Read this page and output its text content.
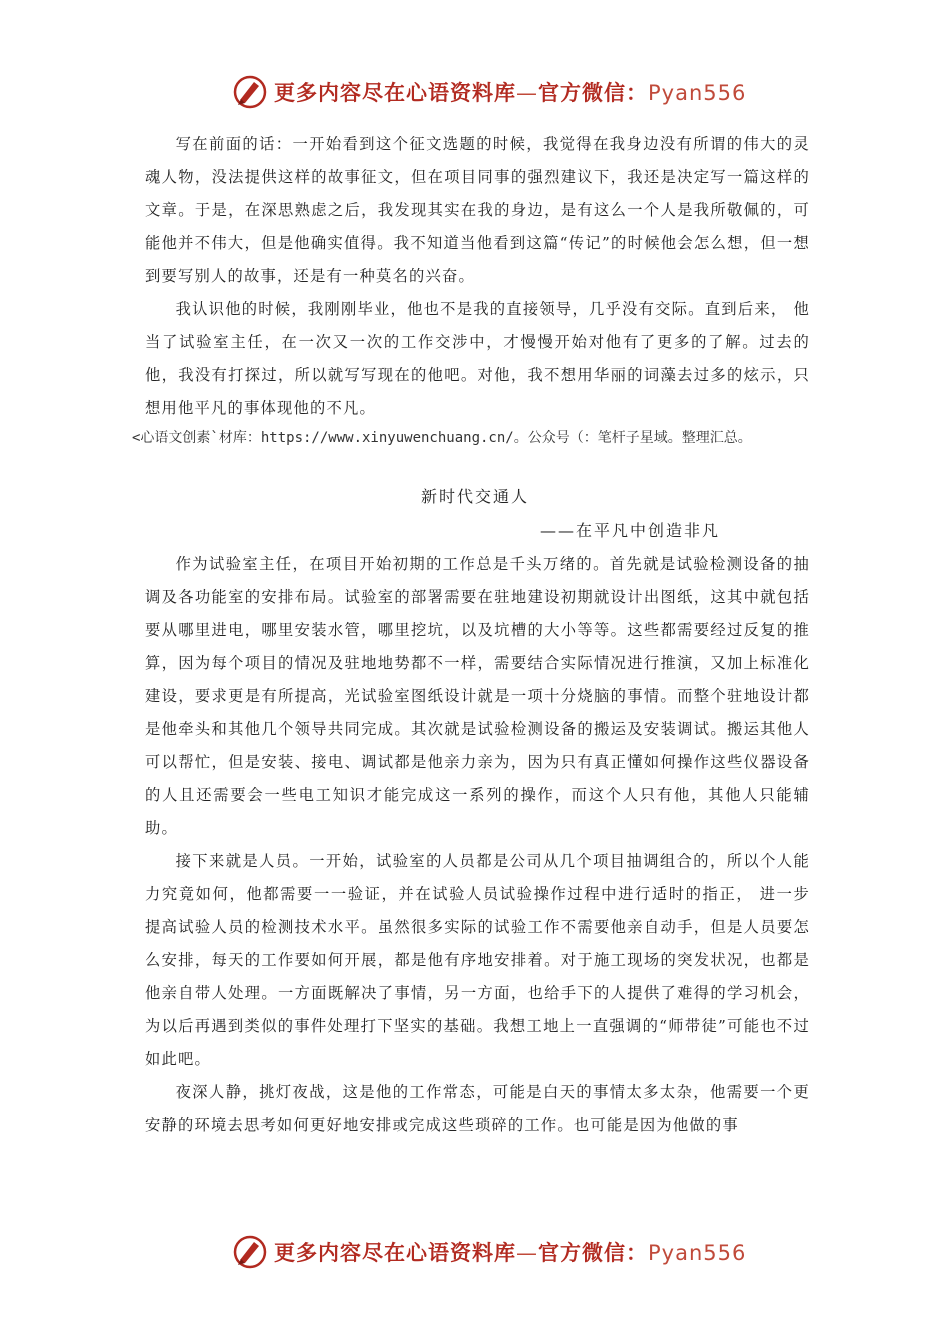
更多内容尽在心语资料库—官方微信：Pyan556

写在前面的话：一开始看到这个征文选题的时候，我觉得在我身边没有所谓的伟大的灵魂人物，没法提供这样的故事征文，但在项目同事的强烈建议下，我还是决定写一篇这样的文章。于是，在深思熟虑之后，我发现其实在我的身边，是有这么一个人是我所敬佩的，可能他并不伟大，但是他确实值得。我不知道当他看到这篇“传记”的时候他会怎么想，但一想到要写别人的故事，还是有一种莫名的兴奋。

我认识他的时候，我刚刚毕业，他也不是我的直接领导，几乎没有交际。直到后来， 他当了试验室主任，在一次又一次的工作交涉中，才慢慢开始对他有了更多的了解。过去的他，我没有打探过，所以就写写现在的他吧。对他，我不想用华丽的词藻去过多的炫示，只想用他平凡的事体现他的不凡。

<心语文创素`材库：https://www.xinyuwenchuang.cn/。公众号（：笔杆子星域。整理汇总。
新时代交通人
——在平凡中创造非凡

作为试验室主任，在项目开始初期的工作总是千头万绪的。首先就是试验检测设备的抽调及各功能室的安排布局。试验室的部署需要在驻地建设初期就设计出图纸，这其中就包括要从哪里进电，哪里安装水管，哪里挖坑，以及坑槽的大小等等。这些都需要经过反复的推算，因为每个项目的情况及驻地地势都不一样，需要结合实际情况进行推演，又加上标准化建设，要求更是有所提高，光试验室图纸设计就是一项十分烧脑的事情。而整个驻地设计都是他牵头和其他几个领导共同完成。其次就是试验检测设备的搬运及安装调试。搬运其他人可以帮忙，但是安装、接电、调试都是他亲力亲为，因为只有真正懂如何操作这些仪器设备的人且还需要会一些电工知识才能完成这一系列的操作，而这个人只有他，其他人只能辅助。

接下来就是人员。一开始，试验室的人员都是公司从几个项目抽调组合的，所以个人能力究竟如何，他都需要一一验证，并在试验人员试验操作过程中进行适时的指正， 进一步提高试验人员的检测技术水平。虽然很多实际的试验工作不需要他亲自动手，但是人员要怎么安排，每天的工作要如何开展，都是他有序地安排着。对于施工现场的突发状况，也都是他亲自带人处理。一方面既解决了事情，另一方面，也给手下的人提供了难得的学习机会，为以后再遇到类似的事件处理打下坚实的基础。我想工地上一直强调的“师带徒”可能也不过如此吧。

夜深人静，挑灯夜战，这是他的工作常态，可能是白天的事情太多太杂，他需要一个更安静的环境去思考如何更好地安排或完成这些琐碎的工作。也可能是因为他做的事

更多内容尽在心语资料库—官方微信：Pyan556
